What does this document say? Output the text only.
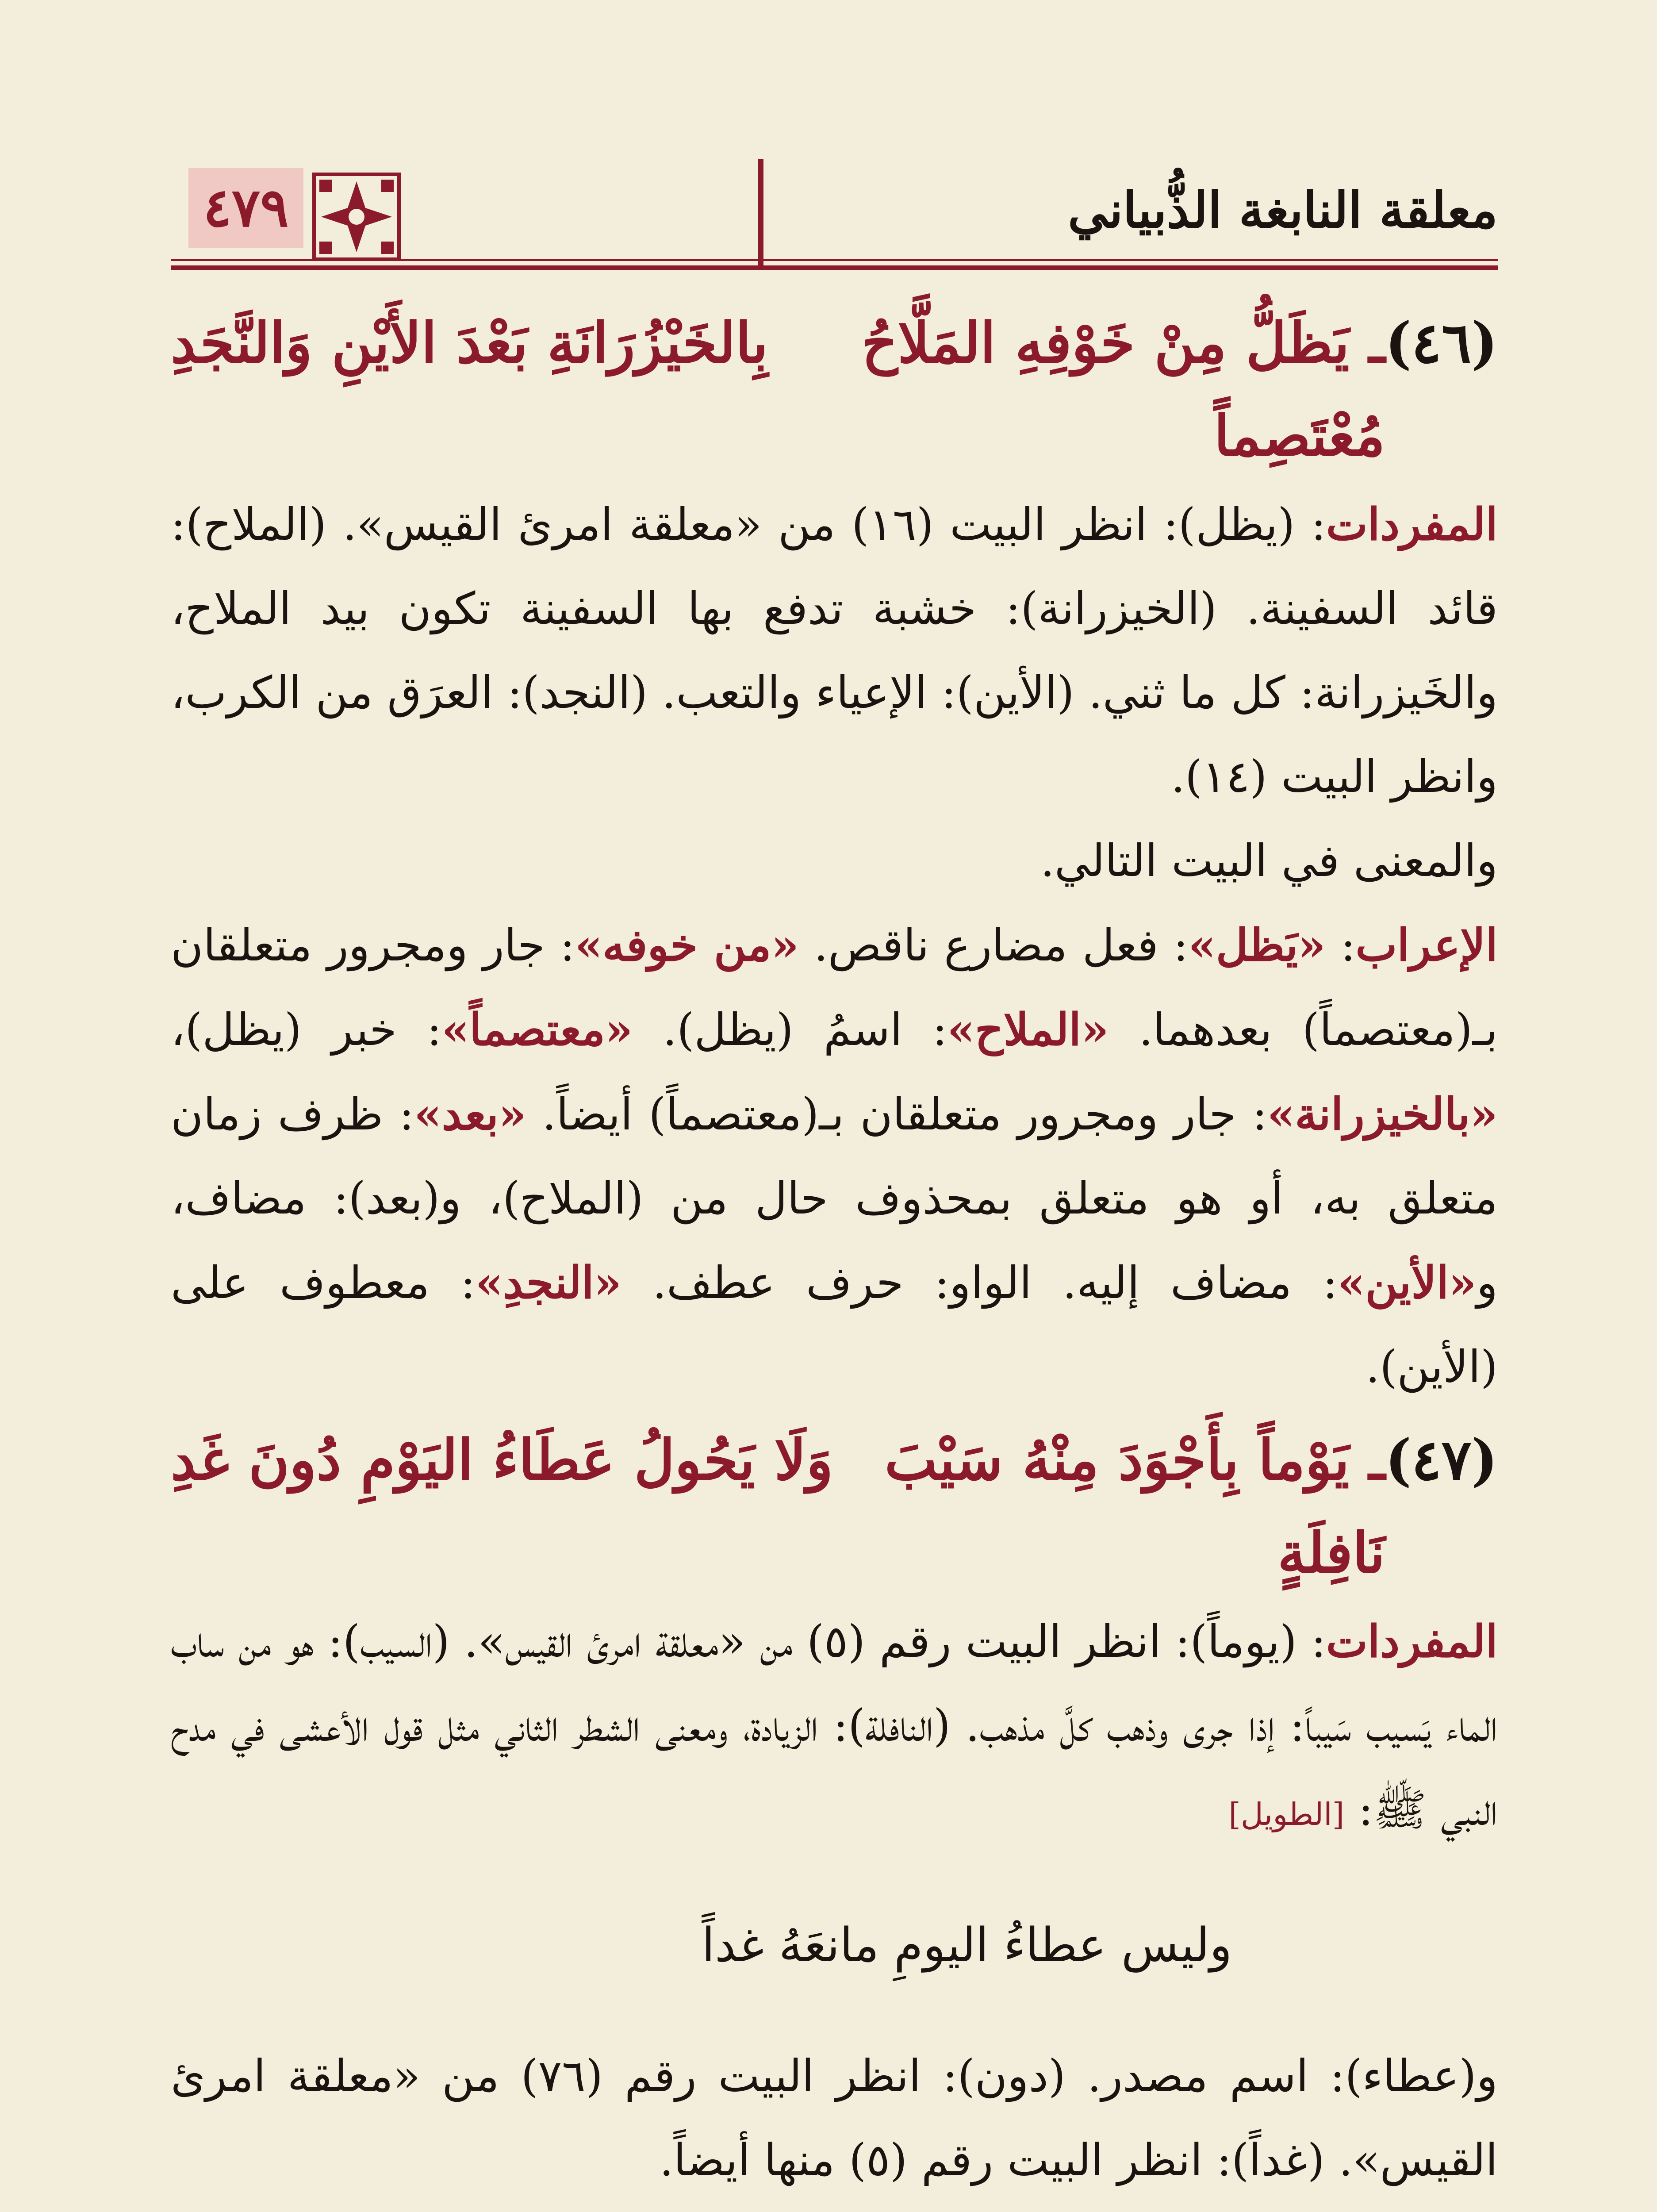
معلقة النابغة الذُّبياني
٤٧٩
(٤٦)
ـ يَظَلُّ مِنْ خَوْفِهِ المَلَّاحُ مُعْتَصِماً
بِالخَيْزُرَانَةِ بَعْدَ الأَيْنِ وَالنَّجَدِ

المفردات: (يظل): انظر البيت (١٦) من «معلقة امرئ القيس». (الملاح): قائد السفينة. (الخيزرانة): خشبة تدفع بها السفينة تكون بيد الملاح، والخَيزرانة: كل ما ثني. (الأين): الإعياء والتعب. (النجد): العرَق من الكرب، وانظر البيت (١٤).

والمعنى في البيت التالي.

الإعراب: «يَظل»: فعل مضارع ناقص. «من خوفه»: جار ومجرور متعلقان بـ(معتصماً) بعدهما. «الملاح»: اسمُ (يظل). «معتصماً»: خبر (يظل)، «بالخيزرانة»: جار ومجرور متعلقان بـ(معتصماً) أيضاً. «بعد»: ظرف زمان متعلق به، أو هو متعلق بمحذوف حال من (الملاح)، و(بعد): مضاف، و«الأين»: مضاف إليه. الواو: حرف عطف. «النجدِ»: معطوف على (الأين).

(٤٧)
ـ يَوْماً بِأَجْوَدَ مِنْهُ سَيْبَ نَافِلَةٍ
وَلَا يَحُولُ عَطَاءُ اليَوْمِ دُونَ غَدِ

المفردات: (يوماً): انظر البيت رقم (٥) من «معلقة امرئ القيس». (السيب): هو من ساب الماء يَسيب سَيباً: إذا جرى وذهب كلَّ مذهب. (النافلة): الزيادة، ومعنى الشطر الثاني مثل قول الأعشى في مدح النبي ﷺ: [الطويل]

وليس عطاءُ اليومِ مانعَهُ غداً

و(عطاء): اسم مصدر. (دون): انظر البيت رقم (٧٦) من «معلقة امرئ القيس». (غداً): انظر البيت رقم (٥) منها أيضاً.
